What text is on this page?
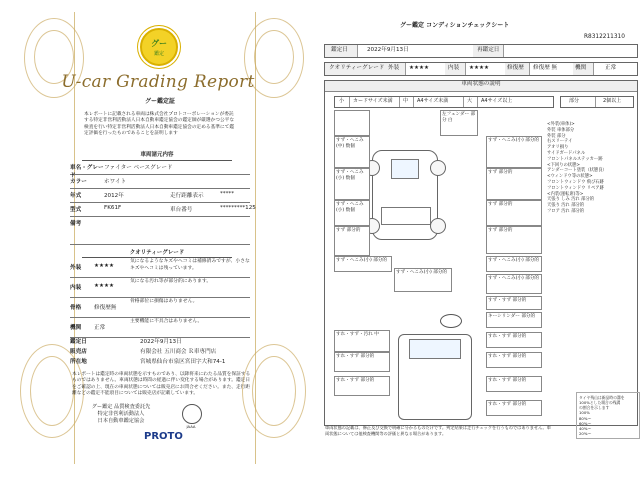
グー
鑑定
U-car Grading Report
グー鑑定証
本レポートに記載される車両は株式会社プロトコーポレーションが委託する特定非営利活動法人日本自動車鑑定協会の鑑定師が厳選かつ公平な検査を行い特定非営利活動法人日本自動車鑑定協会の定める基準にて鑑定評価を行ったものであることを証明します
車両諸元内容
車名・グレード
ファイター ベースグレード
カラー	ホワイト
年式	2012年	走行距離表示	*****
型式	FK61F	車台番号	*********125
備考
クオリティーグレード
外装	★★★★
気になるようなキズやヘコミは補修済みですが、小さなキズやヘコミは残っています。
内装	★★★★
気になる汚れ等が部分的にあります。
骨格	修復歴無
骨格部位に損傷はありません。
機関	正常
主要機能に不具合はありません。
鑑定日	2022年9月13日
販売店	有限会社 五川商会 Ｒ車専門店
所在地	宮城県仙台市泉区宮田字大和74-1
本レポートは鑑定時の車両状態を示すものであり、以降将来にわたる品質を保証するものではありません。車両状態は時間の経過に伴い変化する場合があります。鑑定日をご確認の上、現在の車両状態については販売店にお問合せください。また、走行距離などの鑑定不能項目については販売店が記載しています。
グー鑑定 品質検査委託先
特定非営利活動法人
日本自動車鑑定協会
JAAA
PROTO
グー鑑定 コンディションチェックシート
R8312211310
鑑定日	2022年9月13日	再鑑定日
クオリティーグレード 外装 ★★★★	内装 ★★★★	修復歴 修復歴 無	機関	正常
車両状態の説明
小 カードサイズ未満 中 A4サイズ未満	大 A4サイズ以上	部分	2個以上
すず・へこみ(中) 数個
すず・へこみ(小) 数個
すず・へこみ(小) 数個
すず 部分的
すず・へこみ(小) 部分的
すず・へこみ(小) 部分的
すれ・すず・汚れ 中
すれ・すず 部分的
すれ・すず 部分的
左フェンダー 部分 白
すず・へこみ(小) 部分的
すず 部分的
すず 部分的
すず 部分的
すず・へこみ(小) 部分的
すず・へこみ(小) 部分的
すず・すず 部分的
キーシリンダー 部分的
すれ・すず 部分的
すれ・すず 部分的
すれ・すず 部分的
すれ・すず 部分的
<外装(車体)>
外装 車体部分
外装 部分
右スリーテイ
アオリ損り
サイドガードパネル
フロントパネルステッカー跡
<下回りの状態>
アンダーコート塗装（状態良）
<ウィンドウ等の状態>
フロントウィンドウ 飛び石跡
フロントウィンドウ リペア跡
<内装(運転席)等>
天張り しみ 汚れ 部分的
天張り 汚れ 部分的
フロア 汚れ 部分的
タイヤ残山は新品時の溝を
100%とした場合の残溝
の割合を示します
100%
80%〜
60%〜
40%〜
20%〜
車両状態の記載は、修正及び交換で明確に分かるものだけです。判定結果は走行チェックを行うものではありません。車両状態については他検査機関等の評価と異なる場合があります。
